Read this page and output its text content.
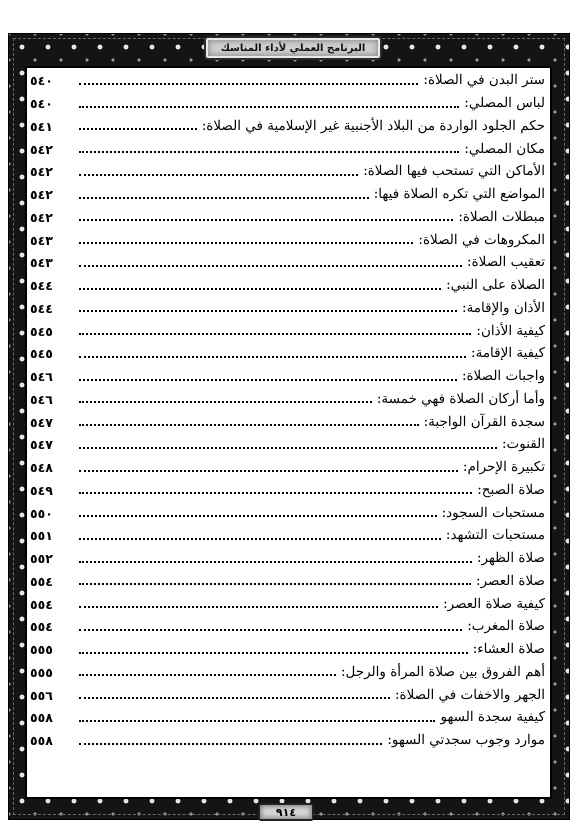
البرنامج العملي لأداء المناسك
ستر البدن في الصلاة:
٥٤٠
لباس المصلي:
٥٤٠
حكم الجلود الواردة من البلاد الأجنبية غير الإسلامية في الصلاة:
٥٤١
مكان المصلي:
٥٤٢
الأماكن التي تستحب فيها الصلاة:
٥٤٢
المواضع التي تكره الصلاة فيها:
٥٤٢
مبطلات الصلاة:
٥٤٢
المكروهات في الصلاة:
٥٤٣
تعقيب الصلاة:
٥٤٣
الصلاة على النبي:
٥٤٤
الأذان والإقامة:
٥٤٤
كيفية الأذان:
٥٤٥
كيفية الإقامة:
٥٤٥
واجبات الصلاة:
٥٤٦
وأما أركان الصلاة فهي خمسة:
٥٤٦
سجدة القرآن الواجبة:
٥٤٧
القنوت:
٥٤٧
تكبيرة الإحرام:
٥٤٨
صلاة الصبح:
٥٤٩
مستحبات السجود:
٥٥٠
مستحبات التشهد:
٥٥١
صلاة الظهر:
٥٥٢
صلاة العصر:
٥٥٤
كيفية صلاة العصر:
٥٥٤
صلاة المغرب:
٥٥٤
صلاة العشاء:
٥٥٥
أهم الفروق بين صلاة المرأة والرجل:
٥٥٥
الجهر والاخفات في الصلاة:
٥٥٦
كيفية سجدة السهو
٥٥٨
موارد وجوب سجدتي السهو:
٥٥٨
٩١٤
